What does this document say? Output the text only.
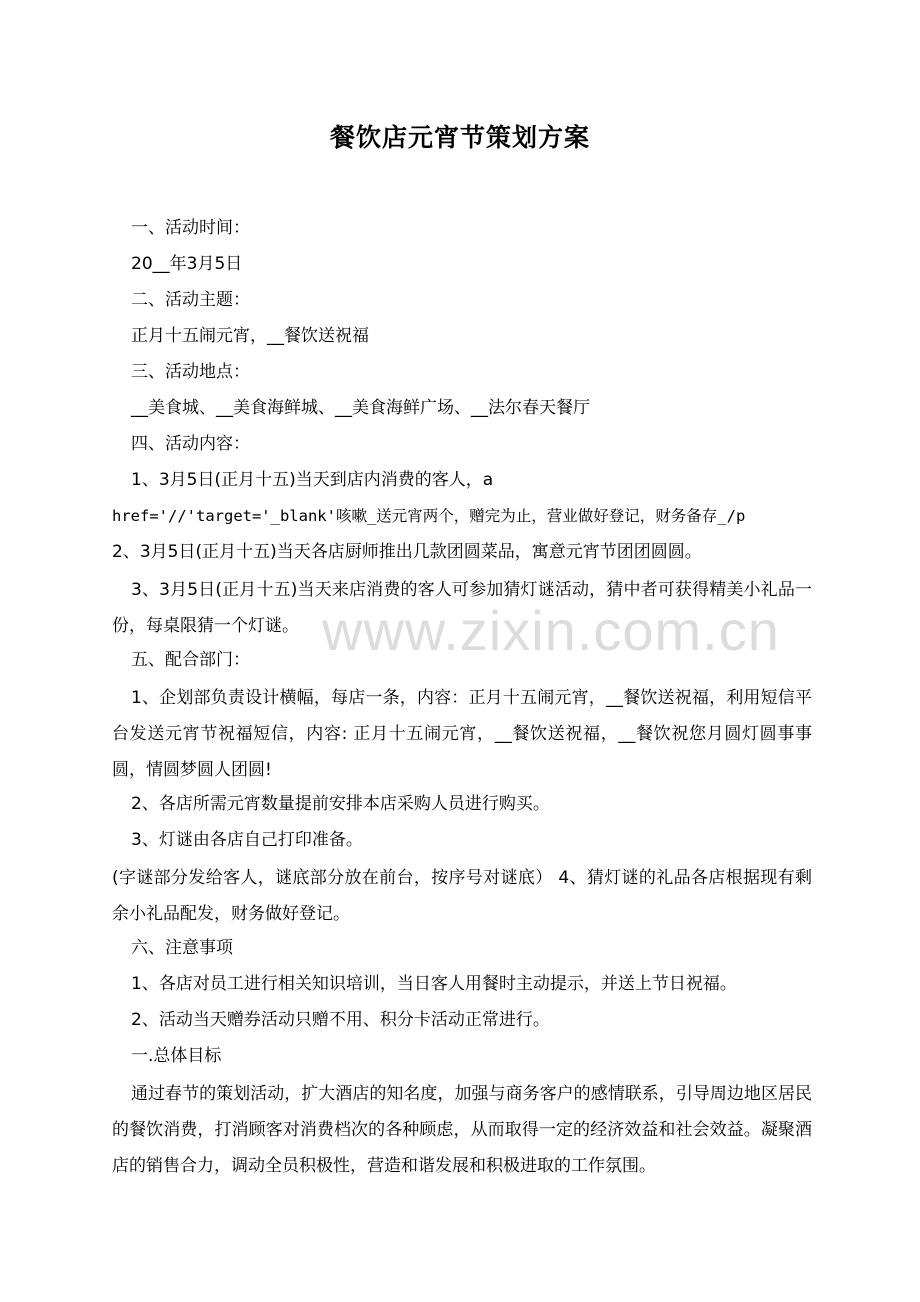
餐饮店元宵节策划方案
一、活动时间：
20__年3月5日
二、活动主题：
正月十五闹元宵，__餐饮送祝福
三、活动地点：
__美食城、__美食海鲜城、__美食海鲜广场、__法尔春天餐厅
四、活动内容：
1、3月5日(正月十五)当天到店内消费的客人，a
href='//'target='_blank'咳嗽_送元宵两个，赠完为止，营业做好登记，财务备存_/p
2、3月5日(正月十五)当天各店厨师推出几款团圆菜品，寓意元宵节团团圆圆。
3、3月5日(正月十五)当天来店消费的客人可参加猜灯谜活动，猜中者可获得精美小礼品一份，每桌限猜一个灯谜。
五、配合部门：
1、企划部负责设计横幅，每店一条，内容：正月十五闹元宵，__餐饮送祝福，利用短信平台发送元宵节祝福短信，内容: 正月十五闹元宵，__餐饮送祝福，__餐饮祝您月圆灯圆事事圆，情圆梦圆人团圆!
2、各店所需元宵数量提前安排本店采购人员进行购买。
3、灯谜由各店自己打印准备。
(字谜部分发给客人，谜底部分放在前台，按序号对谜底） 4、猜灯谜的礼品各店根据现有剩余小礼品配发，财务做好登记。
六、注意事项
1、各店对员工进行相关知识培训，当日客人用餐时主动提示，并送上节日祝福。
2、活动当天赠券活动只赠不用、积分卡活动正常进行。
一.总体目标
通过春节的策划活动，扩大酒店的知名度，加强与商务客户的感情联系，引导周边地区居民的餐饮消费，打消顾客对消费档次的各种顾虑，从而取得一定的经济效益和社会效益。凝聚酒店的销售合力，调动全员积极性，营造和谐发展和积极进取的工作氛围。
www.zixin.com.cn
